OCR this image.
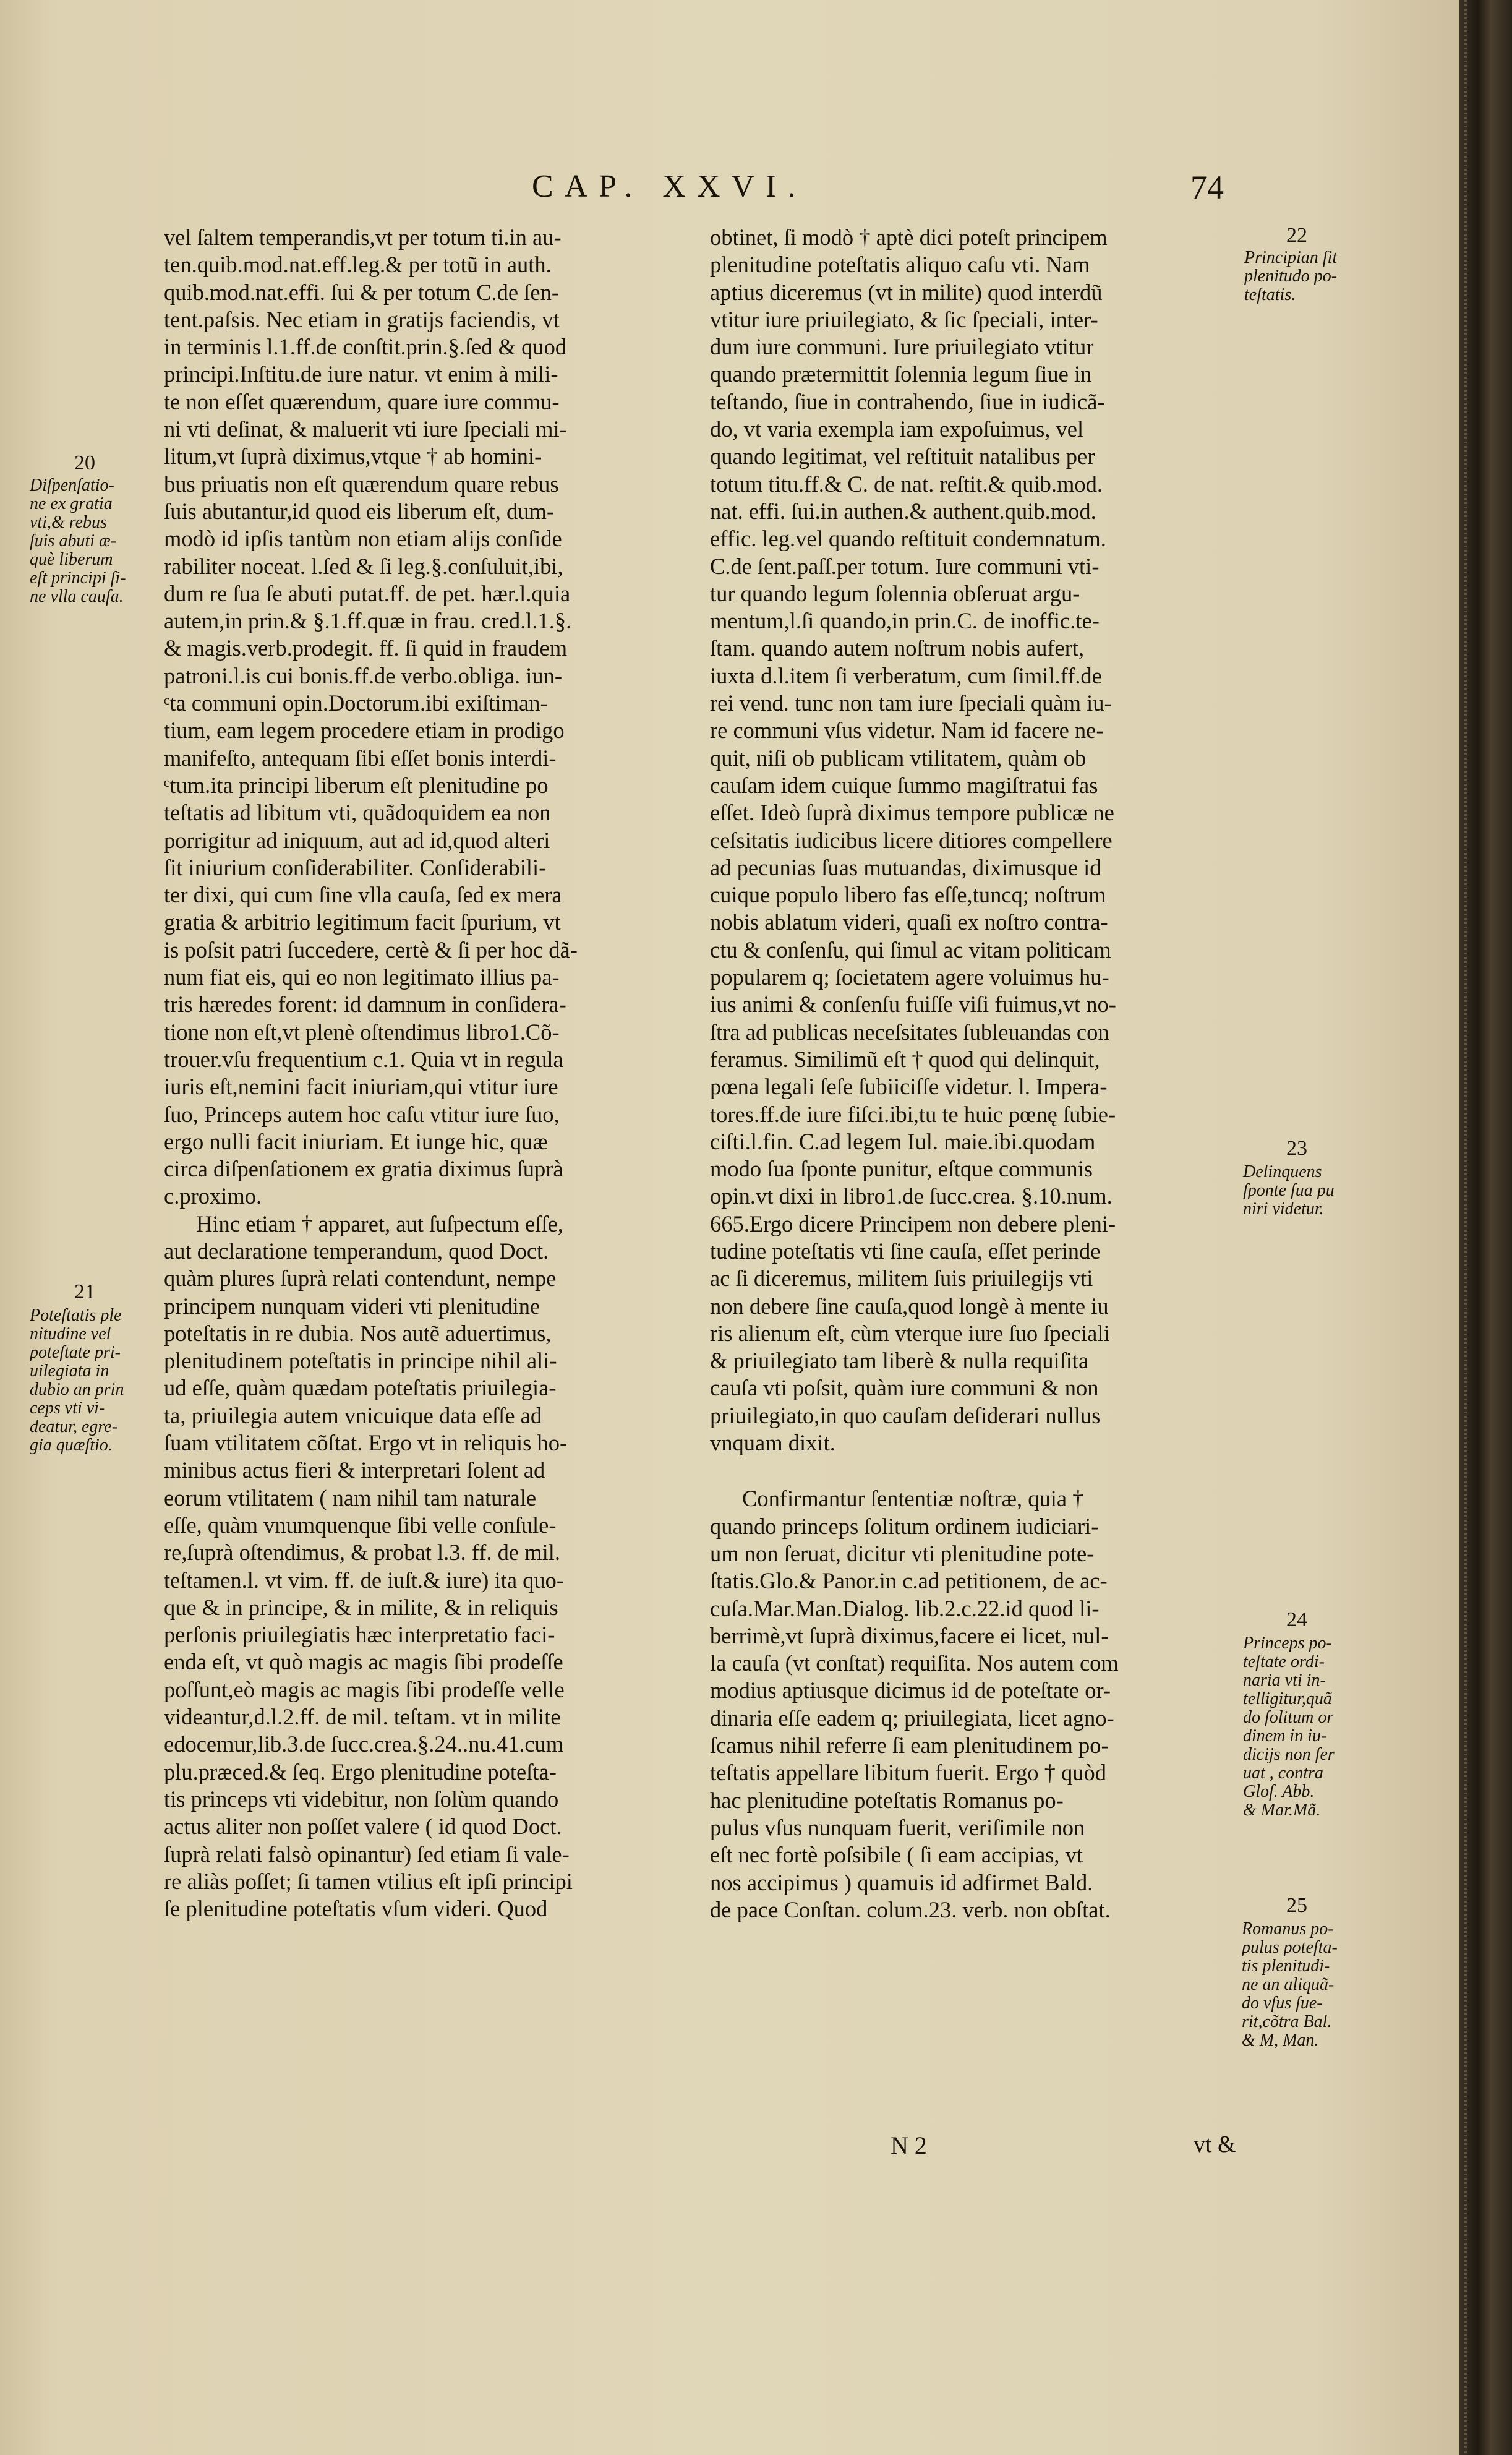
CAP. XXVI.	74
vel ſaltem temperandis,vt per totum ti.in au-
ten.quib.mod.nat.eff.leg.& per totũ in auth.
quib.mod.nat.effi. ſui & per totum C.de ſen-
tent.paſsis. Nec etiam in gratijs faciendis, vt
in terminis l.1.ff.de conſtit.prin.§.ſed & quod
principi.Inſtitu.de iure natur. vt enim à mili-
te non eſſet quærendum, quare iure commu-
ni vti deſinat, & maluerit vti iure ſpeciali mi-
litum,vt ſuprà diximus,vtque † ab homini-
bus priuatis non eſt quærendum quare rebus
ſuis abutantur,id quod eis liberum eſt, dum-
modò id ipſis tantùm non etiam alijs conſide
rabiliter noceat. l.ſed & ſi leg.§.conſuluit,ibi,
dum re ſua ſe abuti putat.ff. de pet. hær.l.quia
autem,in prin.& §.1.ff.quæ in frau. cred.l.1.§.
& magis.verb.prodegit. ff. ſi quid in fraudem
patroni.l.is cui bonis.ff.de verbo.obliga. iun-
ᶜta communi opin.Doctorum.ibi exiſtiman-
tium, eam legem procedere etiam in prodigo
manifeſto, antequam ſibi eſſet bonis interdi-
ᶜtum.ita principi liberum eſt plenitudine po
teſtatis ad libitum vti, quãdoquidem ea non
porrigitur ad iniquum, aut ad id,quod alteri
ſit iniurium conſiderabiliter. Conſiderabili-
ter dixi, qui cum ſine vlla cauſa, ſed ex mera
gratia & arbitrio legitimum facit ſpurium, vt
is poſsit patri ſuccedere, certè & ſi per hoc dã-
num fiat eis, qui eo non legitimato illius pa-
tris hæredes forent: id damnum in conſidera-
tione non eſt,vt plenè oſtendimus libro1.Cõ-
trouer.vſu frequentium c.1. Quia vt in regula
iuris eſt,nemini facit iniuriam,qui vtitur iure
ſuo, Princeps autem hoc caſu vtitur iure ſuo,
ergo nulli facit iniuriam. Et iunge hic, quæ
circa diſpenſationem ex gratia diximus ſuprà
c.proximo.
Hinc etiam † apparet, aut ſuſpectum eſſe,
aut declaratione temperandum, quod Doct.
quàm plures ſuprà relati contendunt, nempe
principem nunquam videri vti plenitudine
poteſtatis in re dubia. Nos autẽ aduertimus,
plenitudinem poteſtatis in principe nihil ali-
ud eſſe, quàm quædam poteſtatis priuilegia-
ta, priuilegia autem vnicuique data eſſe ad
ſuam vtilitatem cõſtat. Ergo vt in reliquis ho-
minibus actus fieri & interpretari ſolent ad
eorum vtilitatem ( nam nihil tam naturale
eſſe, quàm vnumquenque ſibi velle conſule-
re,ſuprà oſtendimus, & probat l.3. ff. de mil.
teſtamen.l. vt vim. ff. de iuſt.& iure) ita quo-
que & in principe, & in milite, & in reliquis
perſonis priuilegiatis hæc interpretatio faci-
enda eſt, vt quò magis ac magis ſibi prodeſſe
poſſunt,eò magis ac magis ſibi prodeſſe velle
videantur,d.l.2.ff. de mil. teſtam. vt in milite
edocemur,lib.3.de ſucc.crea.§.24..nu.41.cum
plu.præced.& ſeq. Ergo plenitudine poteſta-
tis princeps vti videbitur, non ſolùm quando
actus aliter non poſſet valere ( id quod Doct.
ſuprà relati falsò opinantur) ſed etiam ſi vale-
re aliàs poſſet; ſi tamen vtilius eſt ipſi principi
ſe plenitudine poteſtatis vſum videri. Quod
obtinet, ſi modò † aptè dici poteſt principem
plenitudine poteſtatis aliquo caſu vti. Nam
aptius diceremus (vt in milite) quod interdũ
vtitur iure priuilegiato, & ſic ſpeciali, inter-
dum iure communi. Iure priuilegiato vtitur
quando prætermittit ſolennia legum ſiue in
teſtando, ſiue in contrahendo, ſiue in iudicã-
do, vt varia exempla iam expoſuimus, vel
quando legitimat, vel reſtituit natalibus per
totum titu.ff.& C. de nat. reſtit.& quib.mod.
nat. effi. ſui.in authen.& authent.quib.mod.
effic. leg.vel quando reſtituit condemnatum.
C.de ſent.paſſ.per totum. Iure communi vti-
tur quando legum ſolennia obſeruat argu-
mentum,l.ſi quando,in prin.C. de inoffic.te-
ſtam. quando autem noſtrum nobis aufert,
iuxta d.l.item ſi verberatum, cum ſimil.ff.de
rei vend. tunc non tam iure ſpeciali quàm iu-
re communi vſus videtur. Nam id facere ne-
quit, niſi ob publicam vtilitatem, quàm ob
cauſam idem cuique ſummo magiſtratui fas
eſſet. Ideò ſuprà diximus tempore publicæ ne
ceſsitatis iudicibus licere ditiores compellere
ad pecunias ſuas mutuandas, diximusque id
cuique populo libero fas eſſe,tuncq; noſtrum
nobis ablatum videri, quaſi ex noſtro contra-
ctu & conſenſu, qui ſimul ac vitam politicam
popularem q; ſocietatem agere voluimus hu-
ius animi & conſenſu fuiſſe viſi fuimus,vt no-
ſtra ad publicas neceſsitates ſubleuandas con
feramus. Similimũ eſt † quod qui delinquit,
pœna legali ſeſe ſubiiciſſe videtur. l. Impera-
tores.ff.de iure fiſci.ibi,tu te huic pœnę ſubie-
ciſti.l.fin. C.ad legem Iul. maie.ibi.quodam
modo ſua ſponte punitur, eſtque communis
opin.vt dixi in libro1.de ſucc.crea. §.10.num.
665.Ergo dicere Principem non debere pleni-
tudine poteſtatis vti ſine cauſa, eſſet perinde
ac ſi diceremus, militem ſuis priuilegijs vti
non debere ſine cauſa,quod longè à mente iu
ris alienum eſt, cùm vterque iure ſuo ſpeciali
& priuilegiato tam liberè & nulla requiſita
cauſa vti poſsit, quàm iure communi & non
priuilegiato,in quo cauſam deſiderari nullus
vnquam dixit.
Confirmantur ſententiæ noſtræ, quia †
quando princeps ſolitum ordinem iudiciari-
um non ſeruat, dicitur vti plenitudine pote-
ſtatis.Glo.& Panor.in c.ad petitionem, de ac-
cuſa.Mar.Man.Dialog. lib.2.c.22.id quod li-
berrimè,vt ſuprà diximus,facere ei licet, nul-
la cauſa (vt conſtat) requiſita. Nos autem com
modius aptiusque dicimus id de poteſtate or-
dinaria eſſe eadem q; priuilegiata, licet agno-
ſcamus nihil referre ſi eam plenitudinem po-
teſtatis appellare libitum fuerit. Ergo † quòd
hac plenitudine poteſtatis Romanus po-
pulus vſus nunquam fuerit, veriſimile non
eſt nec fortè poſsibile ( ſi eam accipias, vt
nos accipimus ) quamuis id adfirmet Bald.
de pace Conſtan. colum.23. verb. non obſtat.
20
Diſpenſatio-
ne ex gratia
vti,& rebus
ſuis abuti æ-
què liberum
eſt principi ſi-
ne vlla cauſa.
21
Poteſtatis ple
nitudine vel
poteſtate pri-
uilegiata in
dubio an prin
ceps vti vi-
deatur, egre-
gia quæſtio.
22
Principian ſit
plenitudo po-
teſtatis.
23
Delinquens
ſponte ſua pu
niri videtur.
24
Princeps po-
teſtate ordi-
naria vti in-
telligitur,quã
do ſolitum or
dinem in iu-
dicijs non ſer
uat , contra
Gloſ. Abb.
& Mar.Mã.
25
Romanus po-
pulus poteſta-
tis plenitudi-
ne an aliquã-
do vſus ſue-
rit,cõtra Bal.
& M, Man.
N 2	vt &
